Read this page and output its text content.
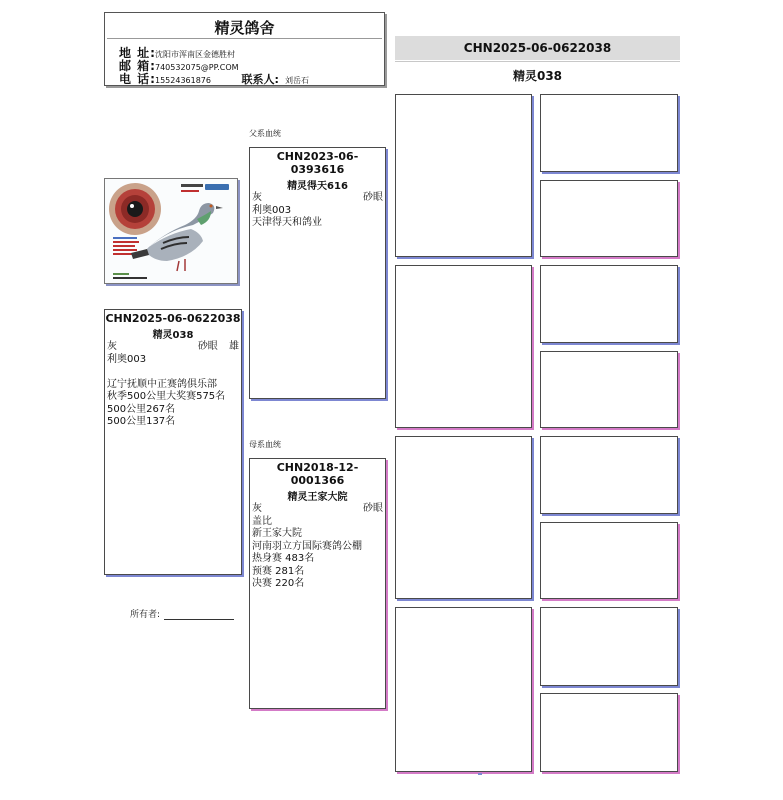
精灵鸽舍
地 址:沈阳市浑南区金德胜村
邮 箱:740532075@PP.COM
电 话:15524361876	联系人: 刘岳石
CHN2025-06-0622038
精灵038
CHN2025-06-0622038
精灵038
灰	砂眼 雄
利奥003
辽宁抚顺中正赛鸽俱乐部
秋季500公里大奖赛575名
500公里267名
500公里137名
所有者:
父系血统
CHN2023-06-0393616
精灵得天616
灰	砂眼
利奥003
天津得天和鸽业
母系血统
CHN2018-12-0001366
精灵王家大院
灰	砂眼
盖比
新王家大院
河南羽立方国际赛鸽公棚
热身赛 483名
预赛 281名
决赛 220名
